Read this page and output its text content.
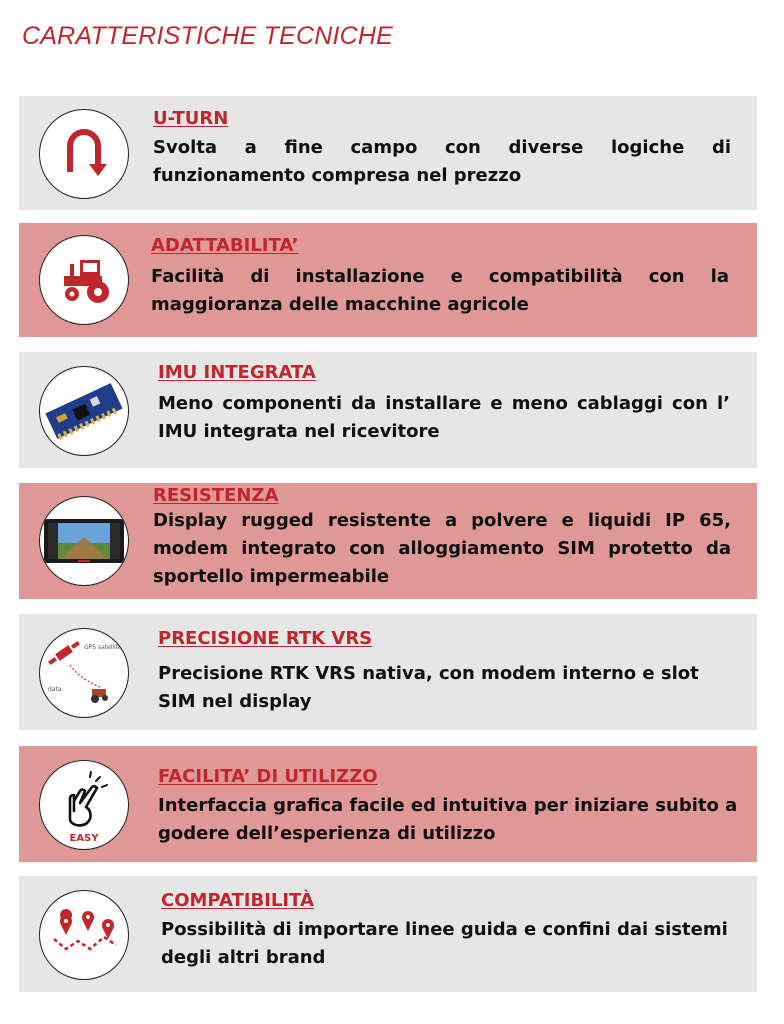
CARATTERISTICHE TECNICHE
U-TURN
Svolta a fine campo con diverse logiche di funzionamento compresa nel prezzo
ADATTABILITA’
Facilità di installazione e compatibilità con la maggioranza delle macchine agricole
IMU INTEGRATA
Meno componenti da installare e meno cablaggi con l’ IMU integrata nel ricevitore
RESISTENZA
Display rugged resistente a polvere e liquidi IP 65, modem integrato con alloggiamento SIM protetto da sportello impermeabile
GPS satellite
data
PRECISIONE RTK VRS
Precisione RTK VRS nativa, con modem interno e slot SIM nel display
EASY
FACILITA’ DI UTILIZZO
Interfaccia grafica facile ed intuitiva per iniziare subito a godere dell’esperienza di utilizzo
COMPATIBILITÀ
Possibilità di importare linee guida e confini dai sistemi degli altri brand
